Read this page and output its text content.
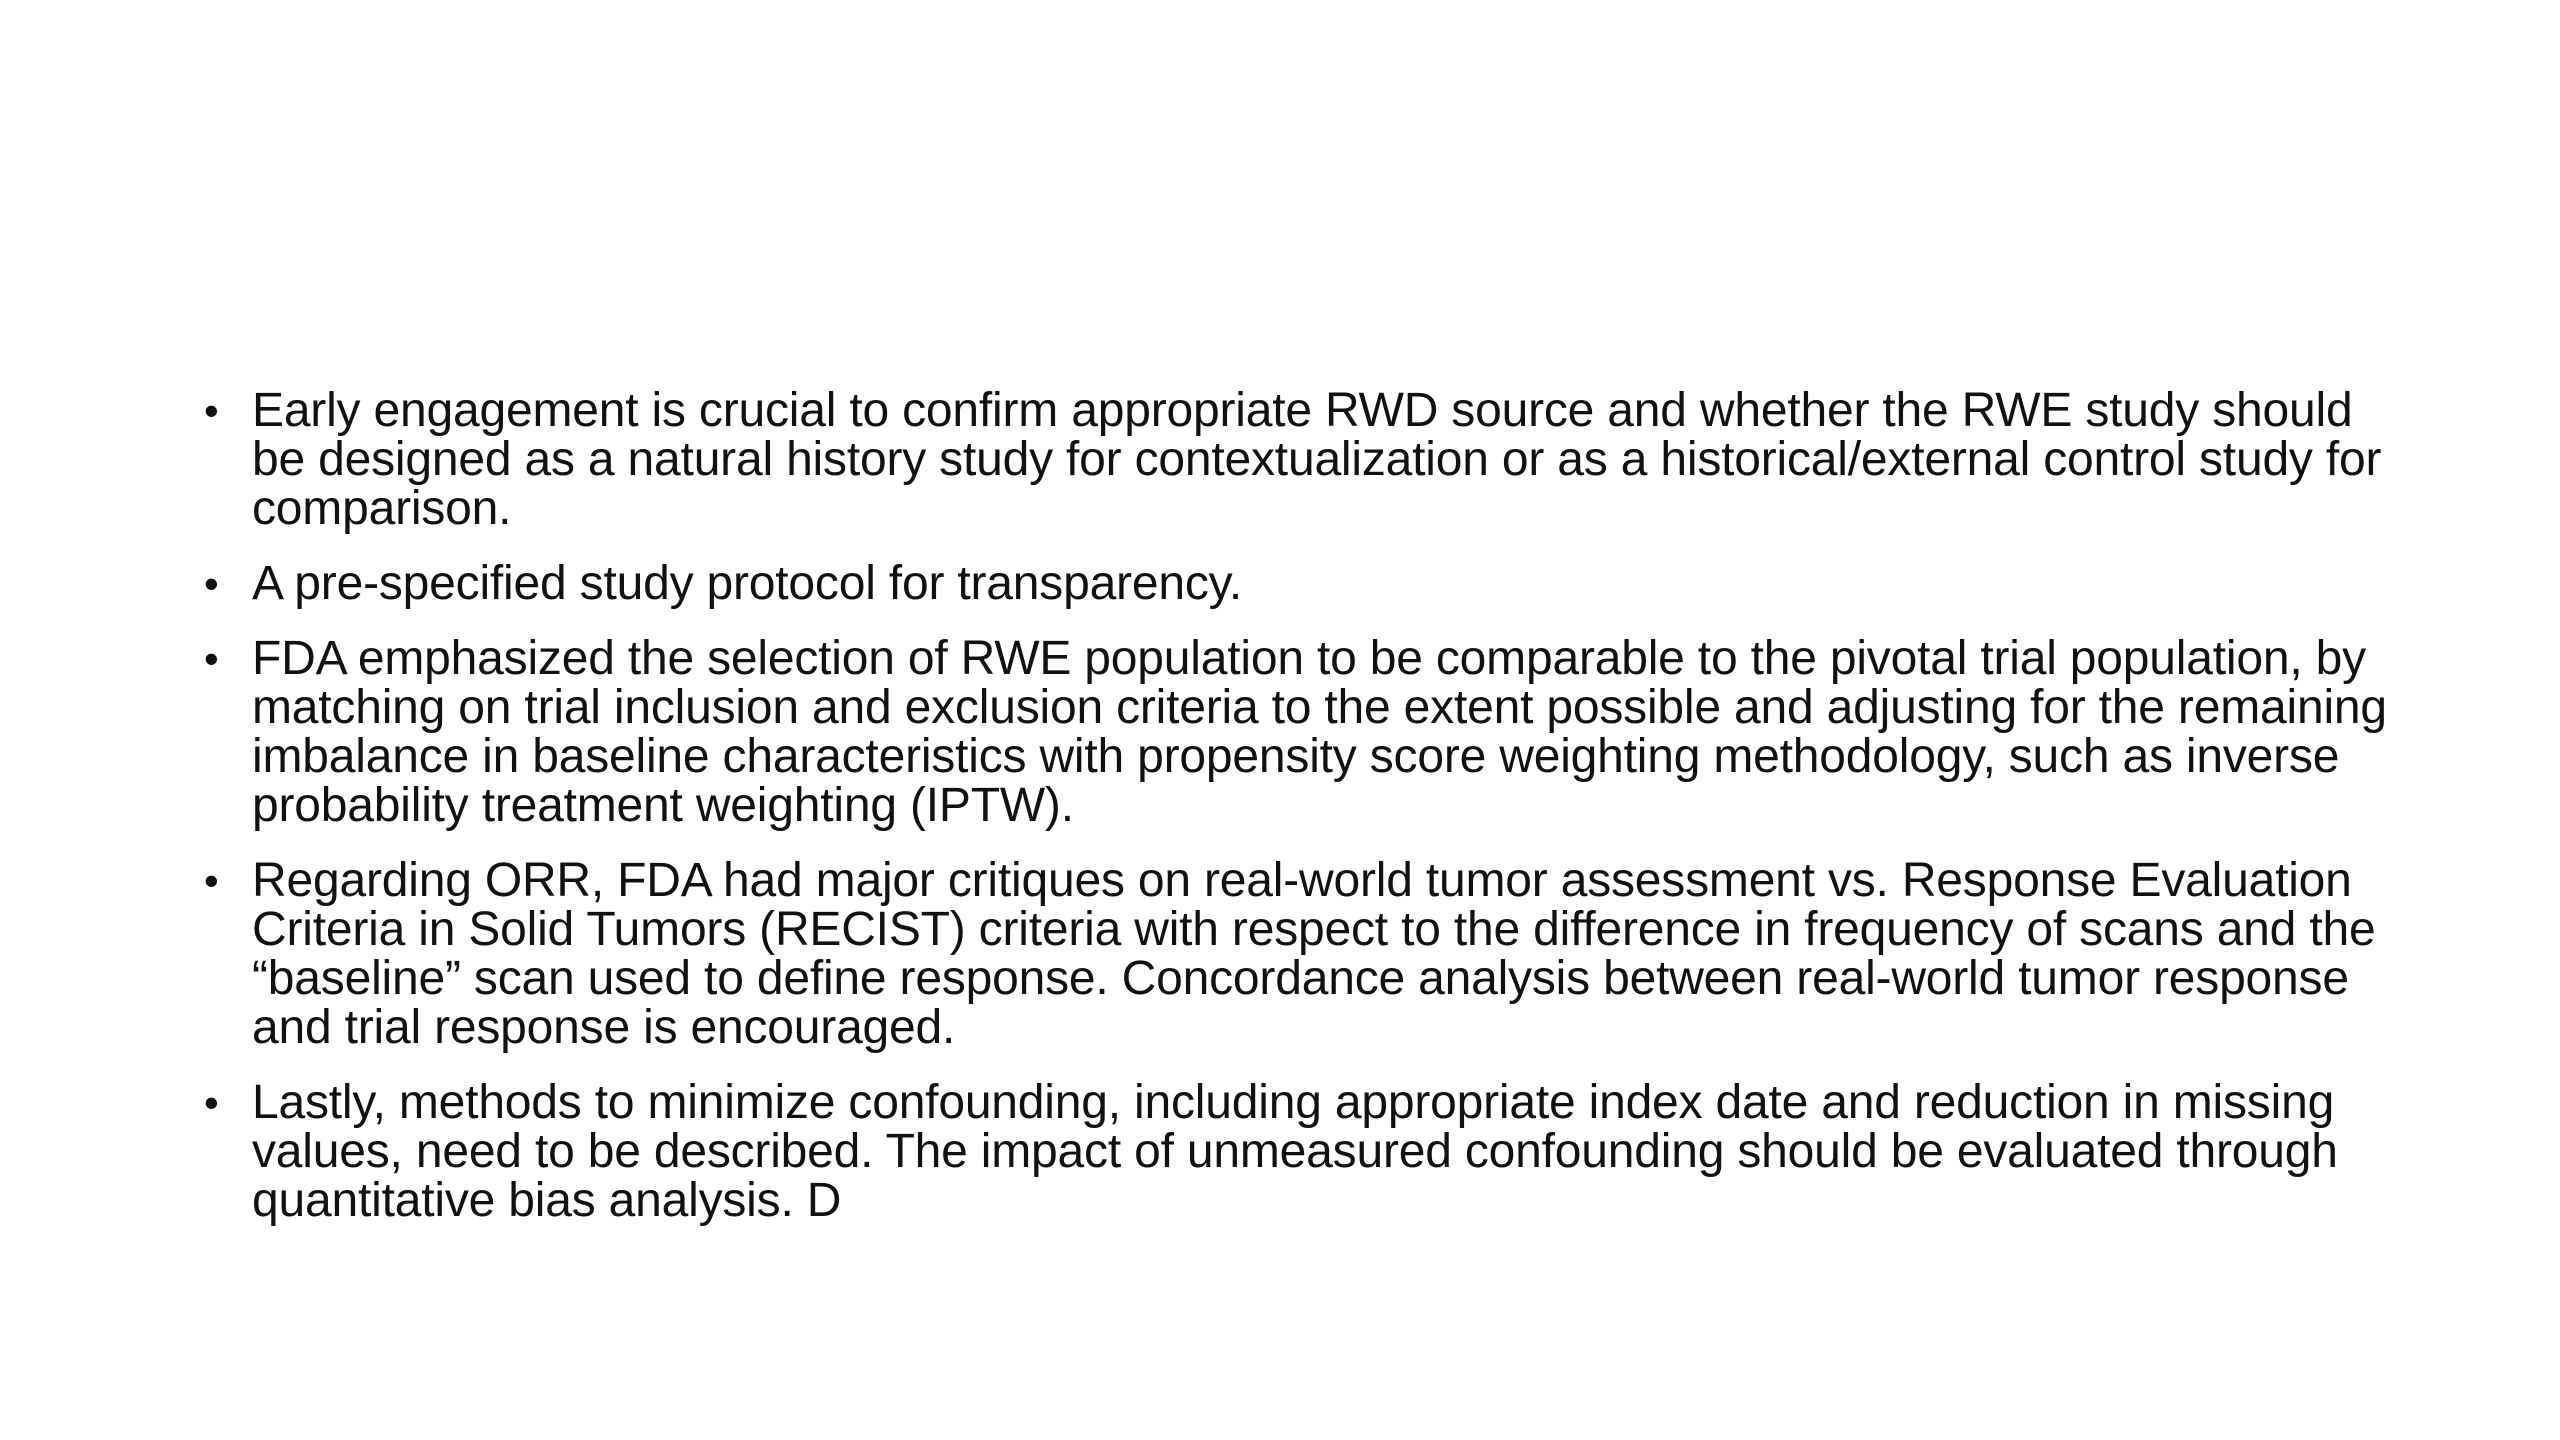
• Early engagement is crucial to confirm appropriate RWD source and whether the RWE study should be designed as a natural history study for contextualization or as a historical/external control study for comparison.
• A pre-specified study protocol for transparency.
• FDA emphasized the selection of RWE population to be comparable to the pivotal trial population, by matching on trial inclusion and exclusion criteria to the extent possible and adjusting for the remaining imbalance in baseline characteristics with propensity score weighting methodology, such as inverse probability treatment weighting (IPTW).
• Regarding ORR, FDA had major critiques on real-world tumor assessment vs. Response Evaluation Criteria in Solid Tumors (RECIST) criteria with respect to the difference in frequency of scans and the “baseline” scan used to define response. Concordance analysis between real-world tumor response and trial response is encouraged.
• Lastly, methods to minimize confounding, including appropriate index date and reduction in missing values, need to be described. The impact of unmeasured confounding should be evaluated through quantitative bias analysis. D
